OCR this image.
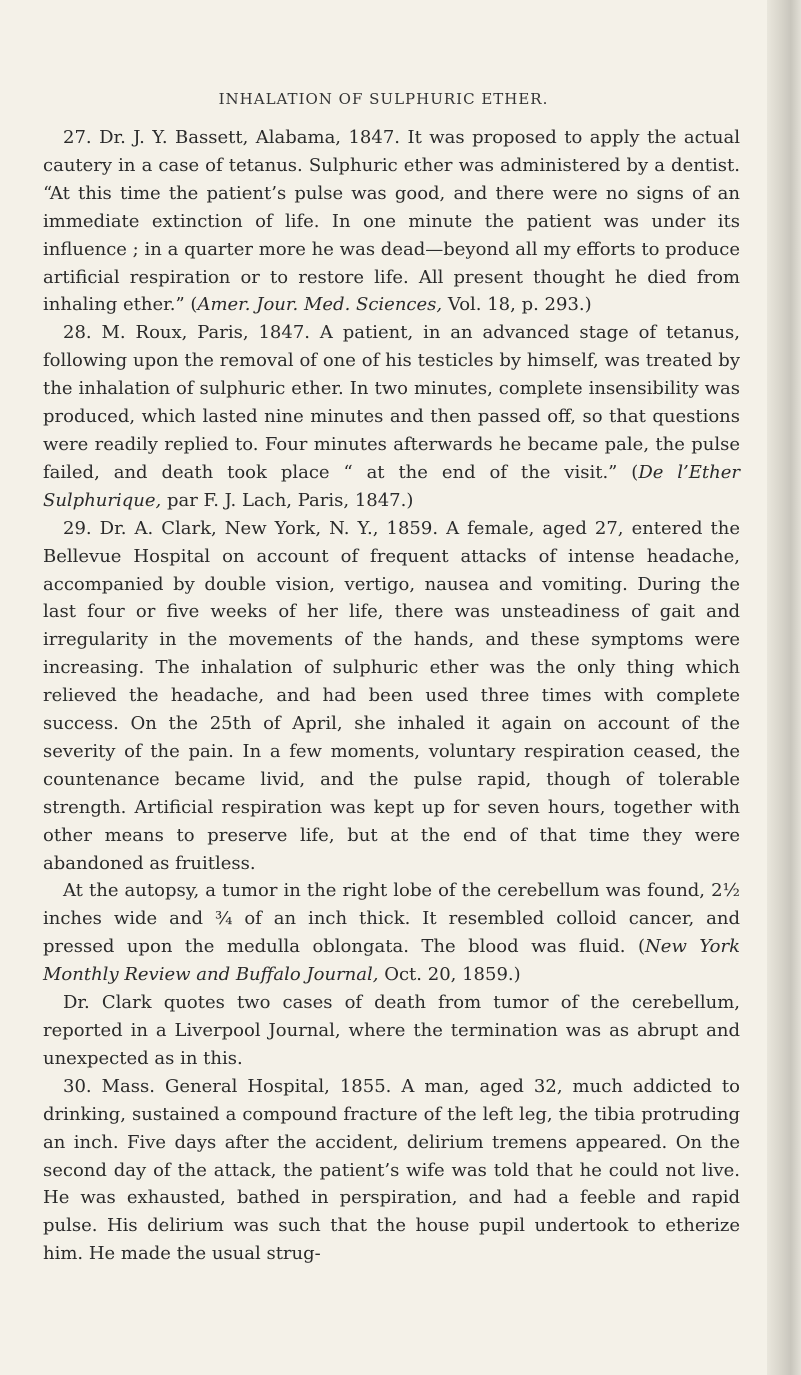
INHALATION OF SULPHURIC ETHER.

27. Dr. J. Y. Bassett, Alabama, 1847. It was proposed to apply the actual cautery in a case of tetanus. Sulphuric ether was administered by a dentist. “At this time the patient’s pulse was good, and there were no signs of an immediate extinction of life. In one minute the patient was under its influence ; in a quarter more he was dead—beyond all my efforts to produce artificial respiration or to restore life. All present thought he died from inhaling ether.” (Amer. Jour. Med. Sciences, Vol. 18, p. 293.)

28. M. Roux, Paris, 1847. A patient, in an advanced stage of tetanus, following upon the removal of one of his testicles by himself, was treated by the inhalation of sulphuric ether. In two minutes, complete insensibility was produced, which lasted nine minutes and then passed off, so that questions were readily replied to. Four minutes afterwards he became pale, the pulse failed, and death took place “ at the end of the visit.” (De l’Ether Sulphurique, par F. J. Lach, Paris, 1847.)

29. Dr. A. Clark, New York, N. Y., 1859. A female, aged 27, entered the Bellevue Hospital on account of frequent attacks of intense headache, accompanied by double vision, vertigo, nausea and vomiting. During the last four or five weeks of her life, there was unsteadiness of gait and irregularity in the movements of the hands, and these symptoms were increasing. The inhalation of sulphuric ether was the only thing which relieved the headache, and had been used three times with complete success. On the 25th of April, she inhaled it again on account of the severity of the pain. In a few moments, voluntary respiration ceased, the countenance became livid, and the pulse rapid, though of tolerable strength. Artificial respiration was kept up for seven hours, together with other means to preserve life, but at the end of that time they were abandoned as fruitless.

At the autopsy, a tumor in the right lobe of the cerebellum was found, 2½ inches wide and ¾ of an inch thick. It resembled colloid cancer, and pressed upon the medulla oblongata. The blood was fluid. (New York Monthly Review and Buffalo Journal, Oct. 20, 1859.)

Dr. Clark quotes two cases of death from tumor of the cerebellum, reported in a Liverpool Journal, where the termination was as abrupt and unexpected as in this.

30. Mass. General Hospital, 1855. A man, aged 32, much addicted to drinking, sustained a compound fracture of the left leg, the tibia protruding an inch. Five days after the accident, delirium tremens appeared. On the second day of the attack, the patient’s wife was told that he could not live. He was exhausted, bathed in perspiration, and had a feeble and rapid pulse. His delirium was such that the house pupil undertook to etherize him. He made the usual strug-
